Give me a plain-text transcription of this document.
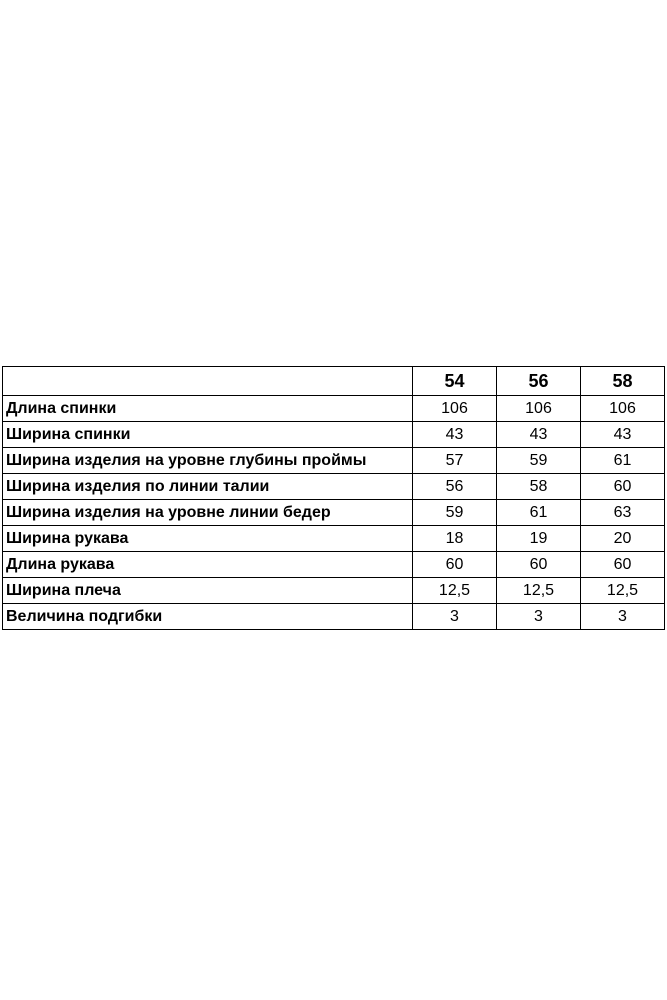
	54	56	58
Длина спинки	106	106	106
Ширина спинки	43	43	43
Ширина изделия на уровне глубины проймы	57	59	61
Ширина изделия по линии талии	56	58	60
Ширина изделия на уровне линии бедер	59	61	63
Ширина рукава	18	19	20
Длина рукава	60	60	60
Ширина плеча	12,5	12,5	12,5
Величина подгибки	3	3	3
